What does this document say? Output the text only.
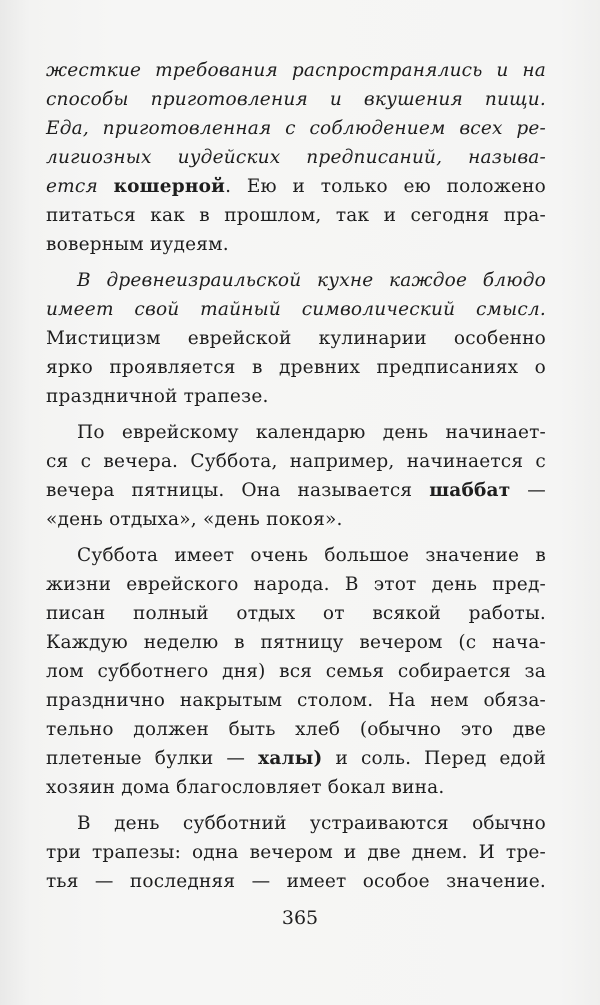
жесткие требования распространялись и на
способы приготовления и вкушения пищи.
Еда, приготовленная с соблюдением всех ре-
лигиозных иудейских предписаний, называ-
ется кошерной. Ею и только ею положено
питаться как в прошлом, так и сегодня пра-
воверным иудеям.
В древнеизраильской кухне каждое блюдо
имеет свой тайный символический смысл.
Мистицизм еврейской кулинарии особенно
ярко проявляется в древних предписаниях о
праздничной трапезе.
По еврейскому календарю день начинает-
ся с вечера. Суббота, например, начинается с
вечера пятницы. Она называется шаббат —
«день отдыха», «день покоя».
Суббота имеет очень большое значение в
жизни еврейского народа. В этот день пред-
писан полный отдых от всякой работы.
Каждую неделю в пятницу вечером (с нача-
лом субботнего дня) вся семья собирается за
празднично накрытым столом. На нем обяза-
тельно должен быть хлеб (обычно это две
плетеные булки — халы) и соль. Перед едой
хозяин дома благословляет бокал вина.
В день субботний устраиваются обычно
три трапезы: одна вечером и две днем. И тре-
тья — последняя — имеет особое значение.
365
